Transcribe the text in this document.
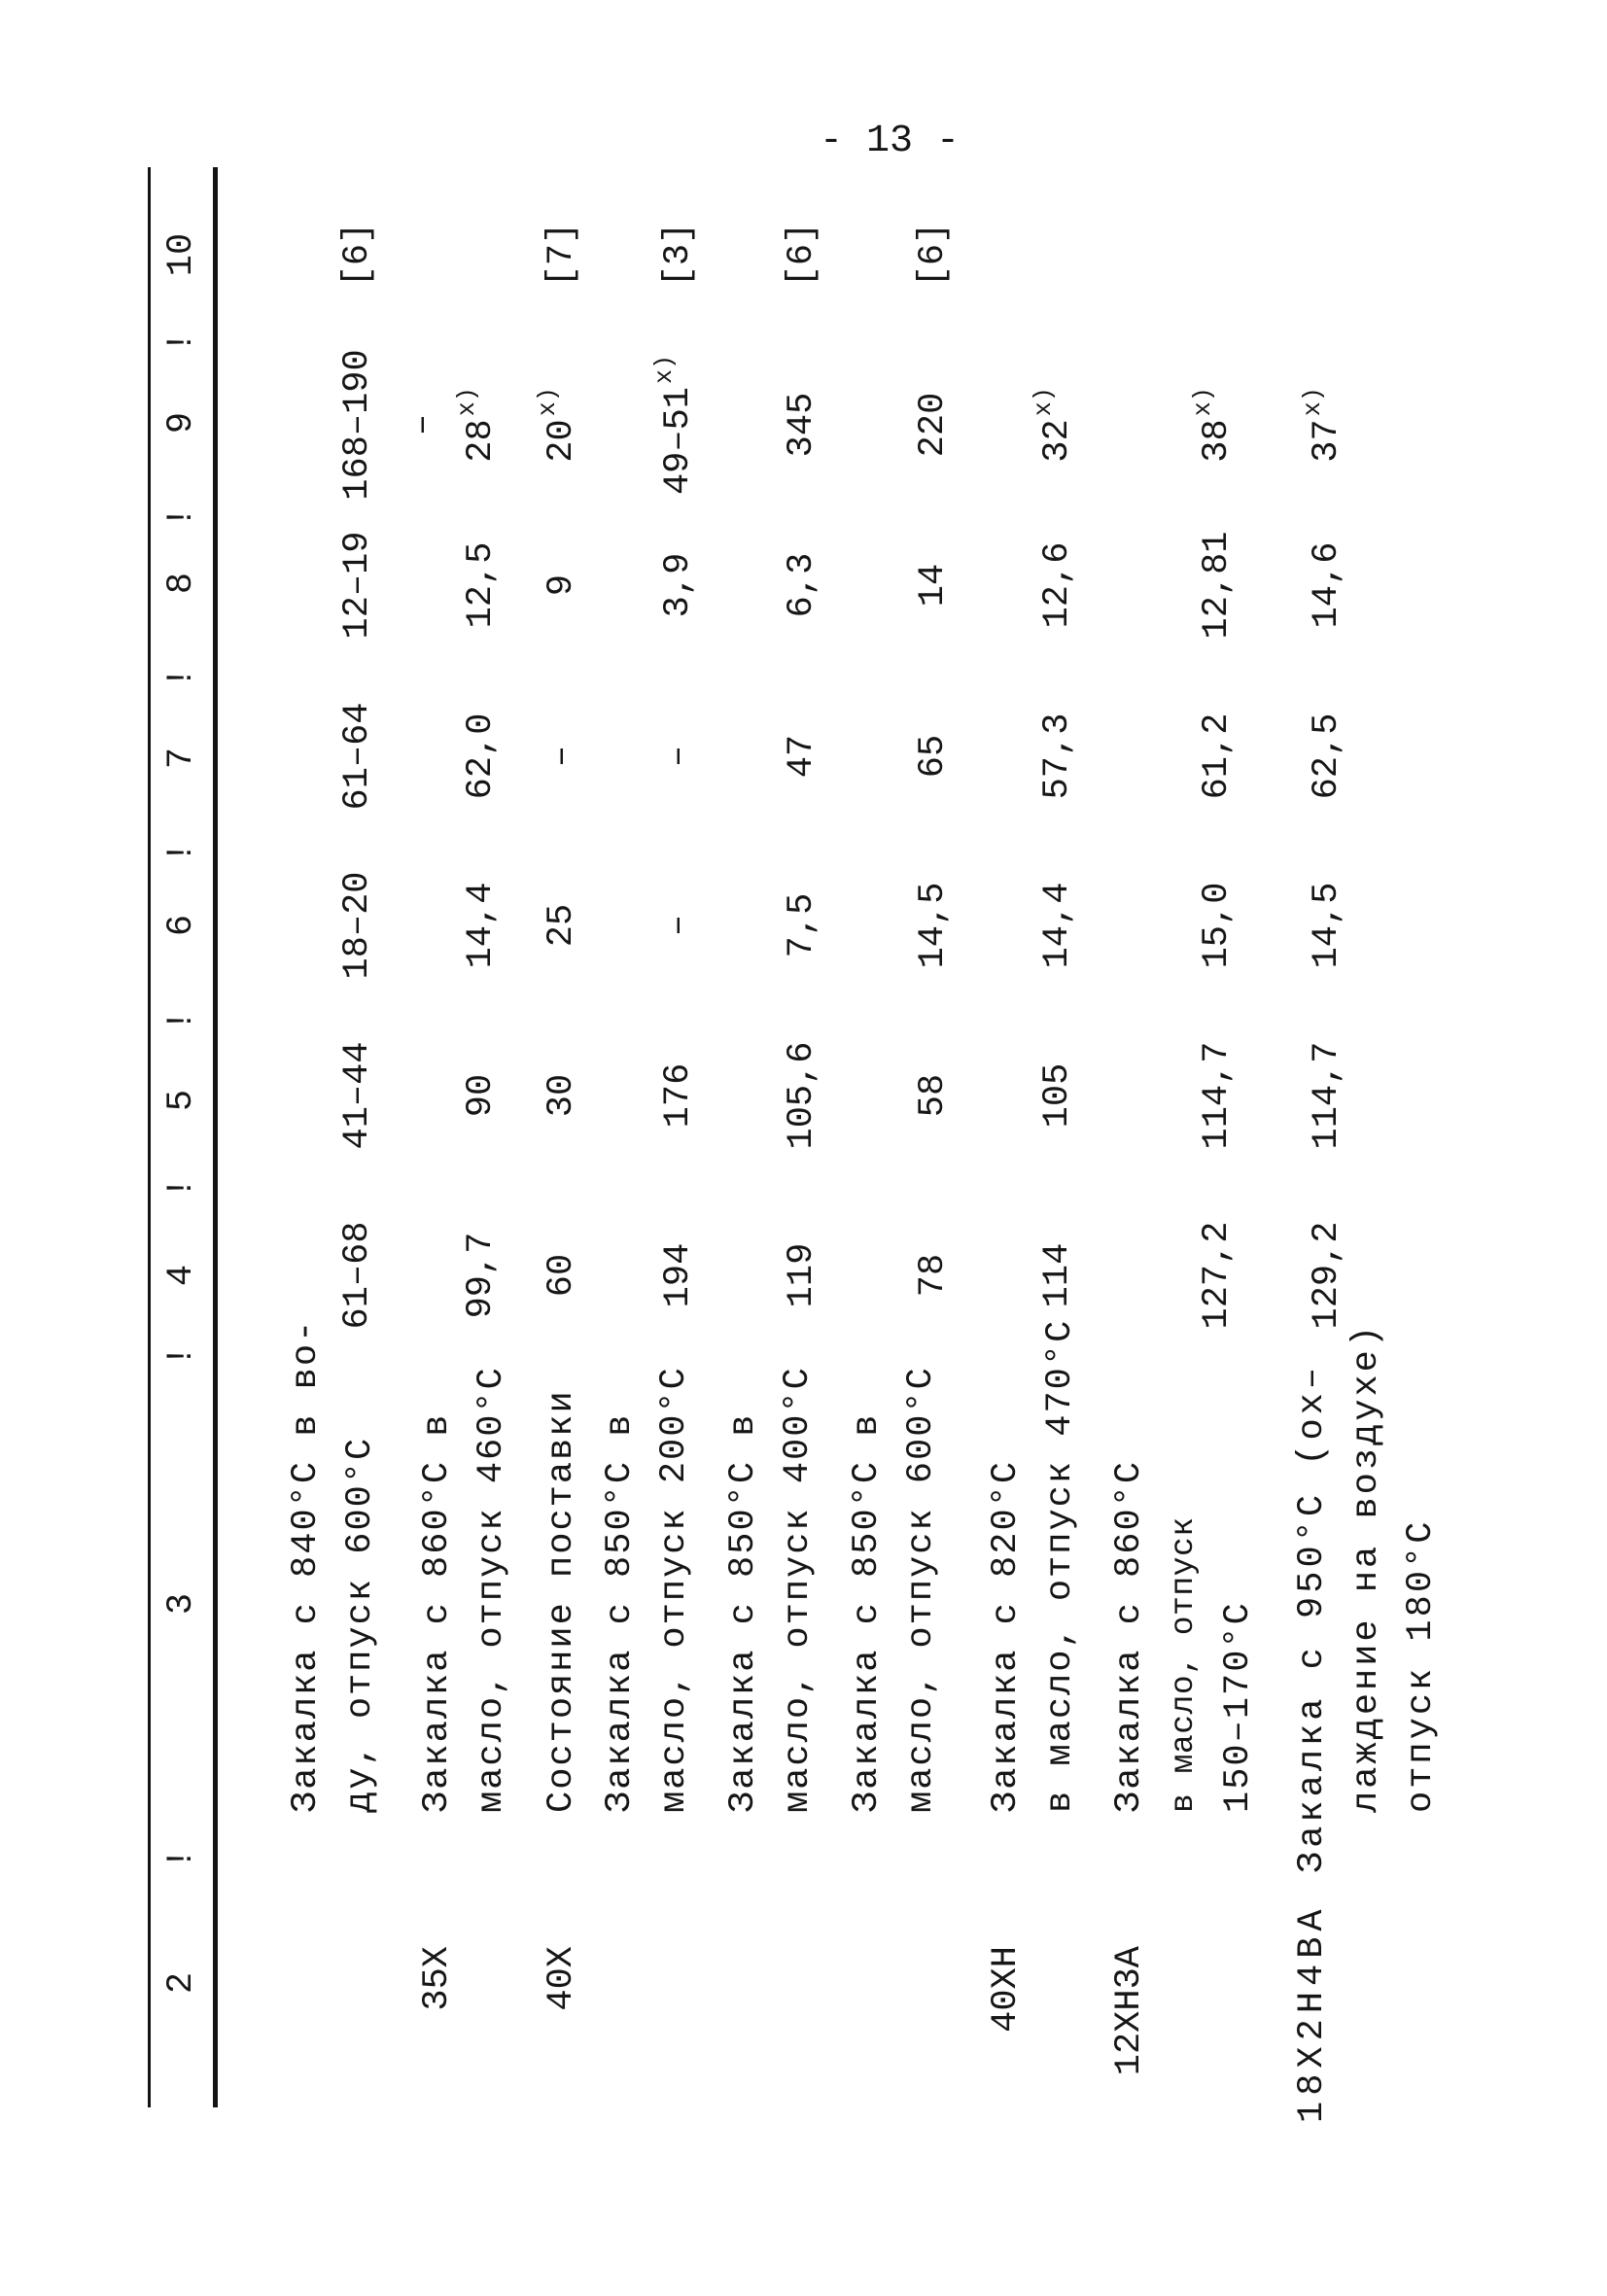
- 13 -
2
!
3
!
4
!
5
!
6
!
7
!
8
!
9
!
10
Закалка с 840°С в во- ду, отпуск 600°С
61–68
41–44
18–20
61–64
12–19
168–190
[6]
35Х
Закалка с 860°С в масло, отпуск 460°С
99,7
90
14,4
62,0
12,5
– 28$^{x)}$
40Х
Состояние поставки
60
30
25
–
9
20$^{x)}$
[7]
Закалка с 850°С в масло, отпуск 200°С
194
176
–
–
3,9
49–51$^{x)}$
[3]
Закалка с 850°С в масло, отпуск 400°С
119
105,6
7,5
47
6,3
345
[6]
Закалка с 850°С в масло, отпуск 600°С
78
58
14,5
65
14
220
[6]
40ХН
Закалка с 820°С в масло, отпуск 470°С
114
105
14,4
57,3
12,6
32$^{x)}$
12ХН3А
Закалка с 860°С в масло, отпуск 150–170°С
127,2
114,7
15,0
61,2
12,81
38$^{x)}$
18Х2Н4ВА
Закалка с 950°С (ох– лаждение на воздухе) отпуск 180°С
129,2
114,7
14,5
62,5
14,6
37$^{x)}$
